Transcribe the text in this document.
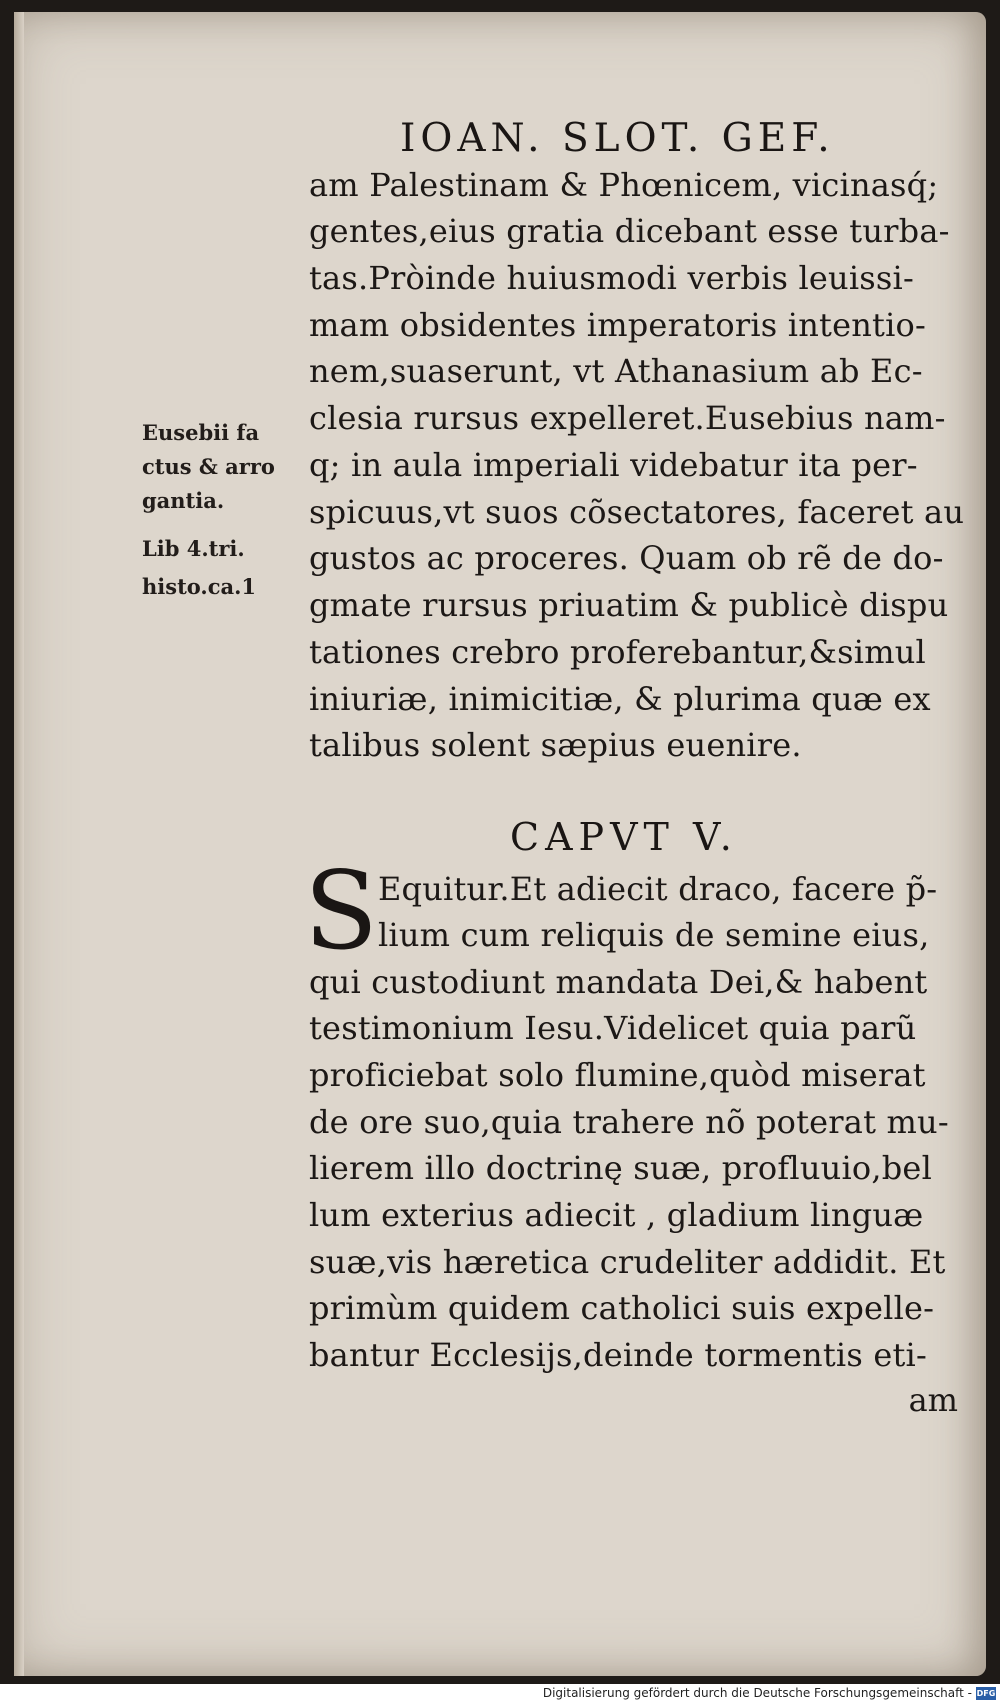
IOAN. SLOT. GEF.
am Palestinam & Phœnicem, vicinasq́;
gentes,eius gratia dicebant esse turba-
tas.Pròinde huiusmodi verbis leuissi-
mam obsidentes imperatoris intentio-
nem,suaserunt, vt Athanasium ab Ec-
clesia rursus expelleret.Eusebius nam-
q; in aula imperiali videbatur ita per-
spicuus,vt suos cõsectatores, faceret au
gustos ac proceres. Quam ob rẽ de do-
gmate rursus priuatim & publicè dispu
tationes crebro proferebantur,&simul
iniuriæ, inimicitiæ, & plurima quæ ex
talibus solent sæpius euenire.
Eusebii fa
ctus & arro
gantia.
Lib 4.tri.
histo.ca.1
CAPVT V.
S Equitur.Et adiecit draco, facere p̃-
lium cum reliquis de semine eius,
qui custodiunt mandata Dei,& habent
testimonium Iesu.Videlicet quia parũ
proficiebat solo flumine,quòd miserat
de ore suo,quia trahere nõ poterat mu-
lierem illo doctrinę suæ, profluuio,bel
lum exterius adiecit , gladium linguæ
suæ,vis hæretica crudeliter addidit. Et
primùm quidem catholici suis expelle-
bantur Ecclesijs,deinde tormentis eti-
am
Digitalisierung gefördert durch die Deutsche Forschungsgemeinschaft - DFG
